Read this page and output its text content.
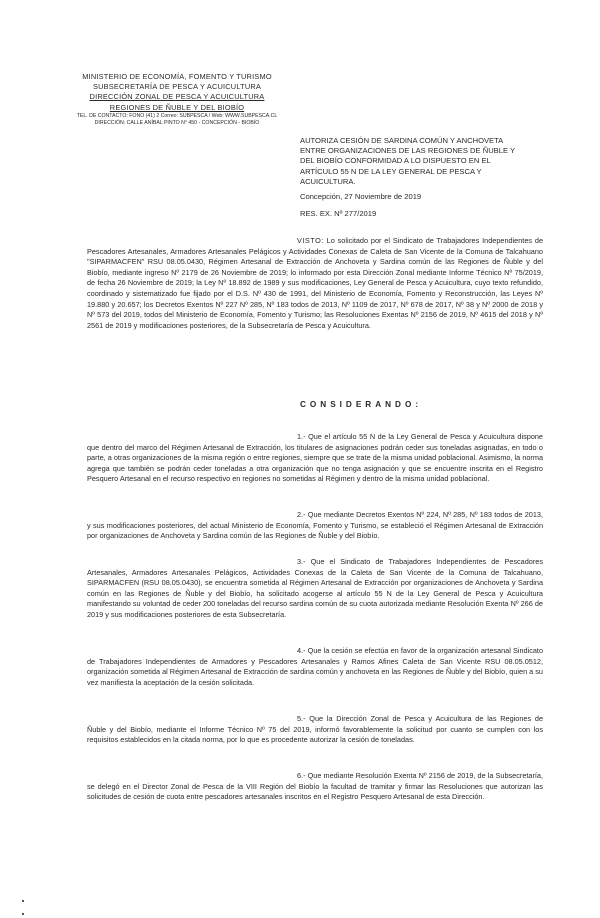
MINISTERIO DE ECONOMÍA, FOMENTO Y TURISMO
SUBSECRETARÍA DE PESCA Y ACUICULTURA
DIRECCIÓN ZONAL DE PESCA Y ACUICULTURA
REGIONES DE ÑUBLE Y DEL BIOBÍO
TEL. DE CONTACTO: FONO (41) 2 Correo: SUBPESCA / Web: WWW.SUBPESCA.CL
DIRECCIÓN: CALLE ANÍBAL PINTO N° 450 - CONCEPCIÓN - BIOBÍO
AUTORIZA CESIÓN DE SARDINA COMÚN Y ANCHOVETA ENTRE ORGANIZACIONES DE LAS REGIONES DE ÑUBLE Y DEL BIOBÍO CONFORMIDAD A LO DISPUESTO EN EL ARTÍCULO 55 N DE LA LEY GENERAL DE PESCA Y ACUICULTURA.
Concepción, 27 Noviembre de 2019
RES. EX. Nº 277/2019
VISTO: Lo solicitado por el Sindicato de Trabajadores Independientes de Pescadores Artesanales, Armadores Artesanales Pelágicos y Actividades Conexas de Caleta de San Vicente de la Comuna de Talcahuano "SIPARMACFEN" RSU 08.05.0430, Régimen Artesanal de Extracción de Anchoveta y Sardina común de las Regiones de Ñuble y del Biobío, mediante ingreso Nº 2179 de 26 Noviembre de 2019; lo informado por esta Dirección Zonal mediante Informe Técnico Nº 75/2019, de fecha 26 Noviembre de 2019; la Ley Nº 18.892 de 1989 y sus modificaciones, Ley General de Pesca y Acuicultura, cuyo texto refundido, coordinado y sistematizado fue fijado por el D.S. Nº 430 de 1991, del Ministerio de Economía, Fomento y Reconstrucción, las Leyes Nº 19.880 y 20.657; los Decretos Exentos Nº 227 Nº 285, Nº 183 todos de 2013, Nº 1109 de 2017, Nº 678 de 2017, Nº 38 y Nº 2000 de 2018 y Nº 573 del 2019, todos del Ministerio de Economía, Fomento y Turismo; las Resoluciones Exentas Nº 2156 de 2019, Nº 4615 del 2018 y Nº 2561 de 2019 y modificaciones posteriores, de la Subsecretaría de Pesca y Acuicultura.
CONSIDERANDO:
1.- Que el artículo 55 N de la Ley General de Pesca y Acuicultura dispone que dentro del marco del Régimen Artesanal de Extracción, los titulares de asignaciones podrán ceder sus toneladas asignadas, en todo o parte, a otras organizaciones de la misma región o entre regiones, siempre que se trate de la misma unidad poblacional. Asimismo, la norma agrega que también se podrán ceder toneladas a otra organización que no tenga asignación y que se encuentre inscrita en el Registro Pesquero Artesanal en el recurso respectivo en regiones no sometidas al Régimen y dentro de la misma unidad poblacional.
2.- Que mediante Decretos Exentos Nº 224, Nº 285, Nº 183 todos de 2013, y sus modificaciones posteriores, del actual Ministerio de Economía, Fomento y Turismo, se estableció el Régimen Artesanal de Extracción por organizaciones de Anchoveta y Sardina común de las Regiones de Ñuble y del Biobío.
3.- Que el Sindicato de Trabajadores Independientes de Pescadores Artesanales, Armadores Artesanales Pelágicos, Actividades Conexas de la Caleta de San Vicente de la Comuna de Talcahuano, SIPARMACFEN (RSU 08.05.0430), se encuentra sometida al Régimen Artesanal de Extracción por organizaciones de Anchoveta y Sardina común en las Regiones de Ñuble y del Biobío, ha solicitado acogerse al artículo 55 N de la Ley General de Pesca y Acuicultura manifestando su voluntad de ceder 200 toneladas del recurso sardina común de su cuota autorizada mediante Resolución Exenta Nº 266 de 2019 y sus modificaciones posteriores de esta Subsecretaría.
4.- Que la cesión se efectúa en favor de la organización artesanal Sindicato de Trabajadores Independientes de Armadores y Pescadores Artesanales y Ramos Afines Caleta de San Vicente RSU 08.05.0512, organización sometida al Régimen Artesanal de Extracción de sardina común y anchoveta en las Regiones de Ñuble y del Biobío, quien a su vez manifiesta la aceptación de la cesión solicitada.
5.- Que la Dirección Zonal de Pesca y Acuicultura de las Regiones de Ñuble y del Biobío, mediante el Informe Técnico Nº 75 del 2019, informó favorablemente la solicitud por cuanto se cumplen con los requisitos establecidos en la citada norma, por lo que es procedente autorizar la cesión de toneladas.
6.- Que mediante Resolución Exenta Nº 2156 de 2019, de la Subsecretaría, se delegó en el Director Zonal de Pesca de la VIII Región del Biobío la facultad de tramitar y firmar las Resoluciones que autorizan las solicitudes de cesión de cuota entre pescadores artesanales inscritos en el Registro Pesquero Artesanal de esta Dirección.
